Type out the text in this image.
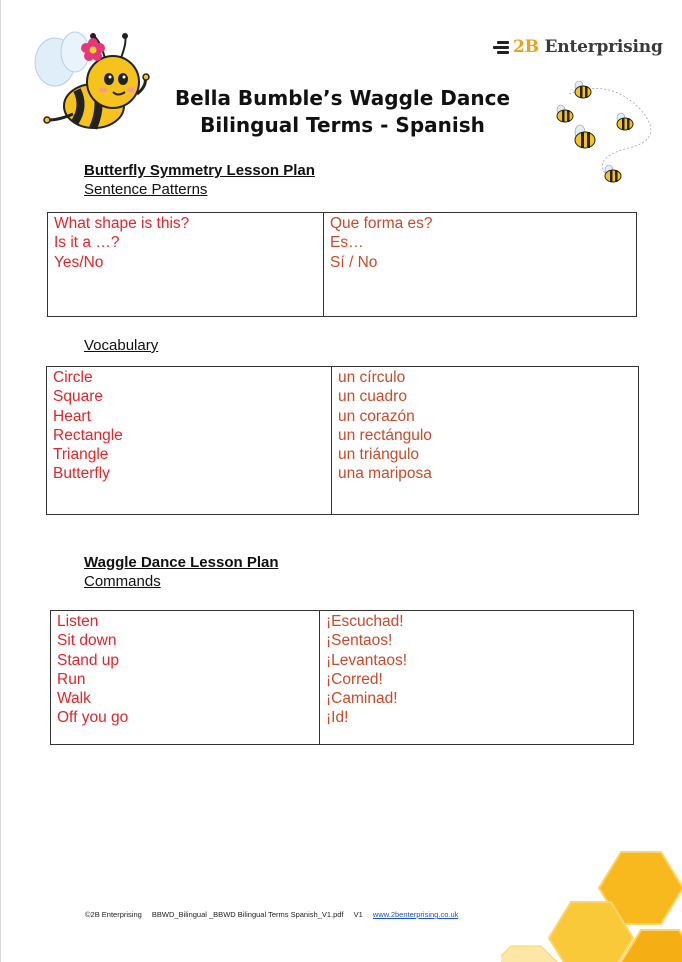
2B Enterprising
Bella Bumble’s Waggle Dance
Bilingual Terms - Spanish
Butterfly Symmetry Lesson Plan
Sentence Patterns
What shape is this?
Is it a …?
Yes/No
Que forma es?
Es…
Sí / No
Vocabulary
Circle
Square
Heart
Rectangle
Triangle
Butterfly
un círculo
un cuadro
un corazón
un rectángulo
un triángulo
una mariposa
Waggle Dance Lesson Plan
Commands
Listen
Sit down
Stand up
Run
Walk
Off you go
¡Escuchad!
¡Sentaos!
¡Levantaos!
¡Corred!
¡Caminad!
¡Id!
©2B Enterprising BBWD_Bilingual _BBWD Bilingual Terms Spanish_V1.pdf V1 www.2benterprising.co.uk
